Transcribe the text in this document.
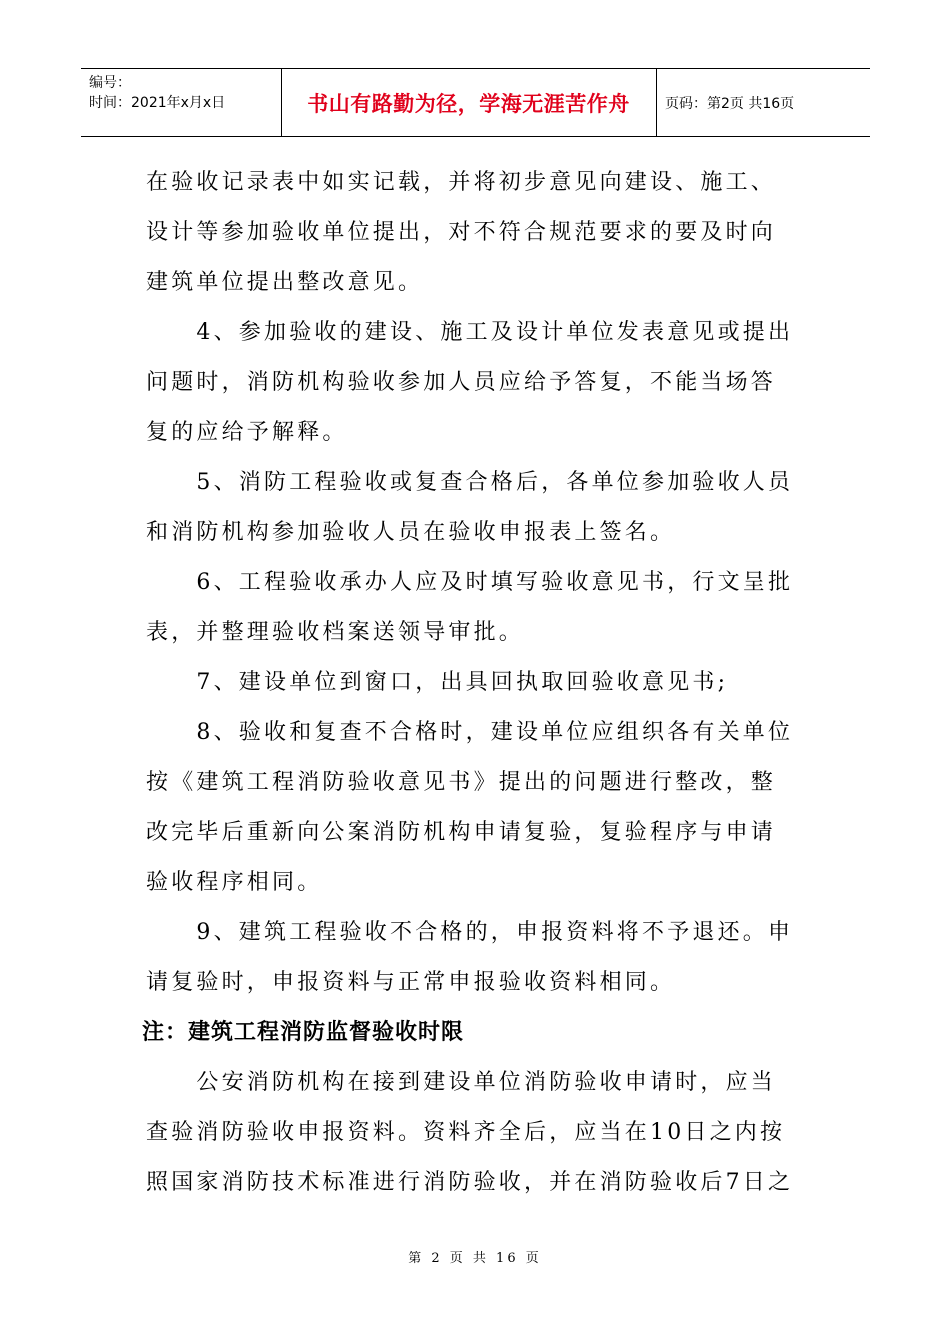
编号：
时间：2021年x月x日	书山有路勤为径，学海无涯苦作舟	页码：第2页 共16页
在验收记录表中如实记载，并将初步意见向建设、施工、
设计等参加验收单位提出，对不符合规范要求的要及时向
建筑单位提出整改意见。
　　4、参加验收的建设、施工及设计单位发表意见或提出
问题时，消防机构验收参加人员应给予答复，不能当场答
复的应给予解释。
　　5、消防工程验收或复查合格后，各单位参加验收人员
和消防机构参加验收人员在验收申报表上签名。
　　6、工程验收承办人应及时填写验收意见书，行文呈批
表，并整理验收档案送领导审批。
　　7、建设单位到窗口，出具回执取回验收意见书;
　　8、验收和复查不合格时，建设单位应组织各有关单位
按《建筑工程消防验收意见书》提出的问题进行整改，整
改完毕后重新向公案消防机构申请复验，复验程序与申请
验收程序相同。
　　9、建筑工程验收不合格的，申报资料将不予退还。申
请复验时，申报资料与正常申报验收资料相同。
注：建筑工程消防监督验收时限
　　公安消防机构在接到建设单位消防验收申请时，应当
查验消防验收申报资料。资料齐全后，应当在10日之内按
照国家消防技术标准进行消防验收，并在消防验收后7日之
第 2 页 共 16 页
